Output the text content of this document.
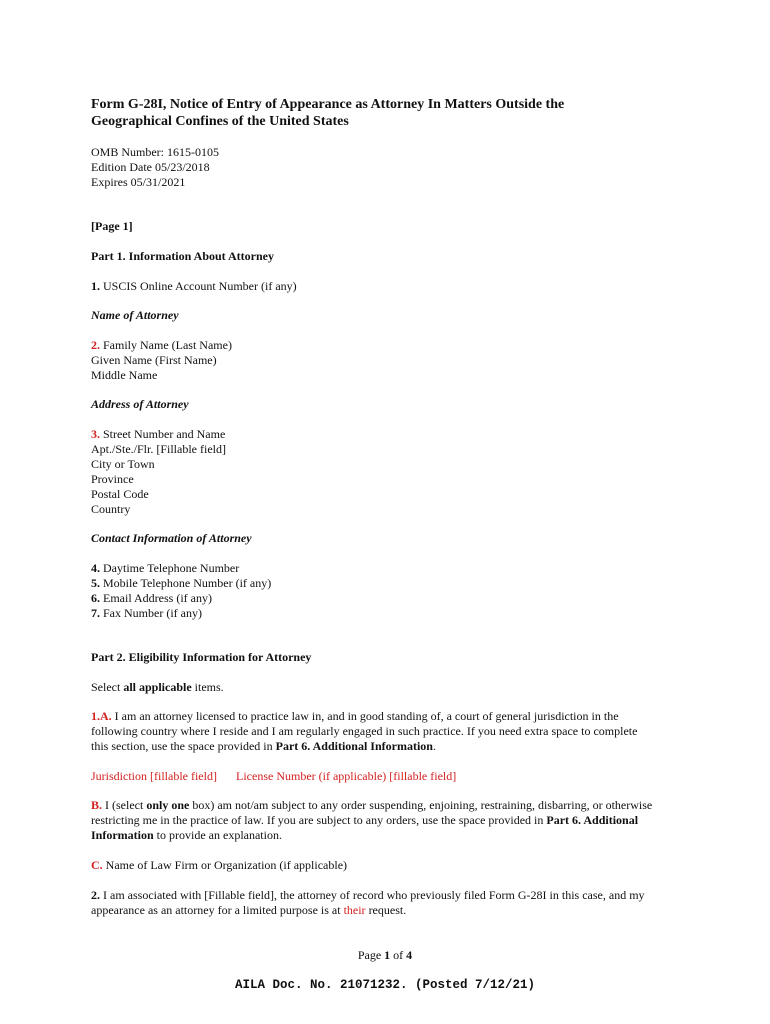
Form G-28I, Notice of Entry of Appearance as Attorney In Matters Outside the
Geographical Confines of the United States
OMB Number: 1615-0105
Edition Date 05/23/2018
Expires 05/31/2021
[Page 1]
Part 1. Information About Attorney
1. USCIS Online Account Number (if any)
Name of Attorney
2. Family Name (Last Name)
Given Name (First Name)
Middle Name
Address of Attorney
3. Street Number and Name
Apt./Ste./Flr. [Fillable field]
City or Town
Province
Postal Code
Country
Contact Information of Attorney
4. Daytime Telephone Number
5. Mobile Telephone Number (if any)
6. Email Address (if any)
7. Fax Number (if any)
Part 2. Eligibility Information for Attorney
Select all applicable items.
1.A. I am an attorney licensed to practice law in, and in good standing of, a court of general jurisdiction in the
following country where I reside and I am regularly engaged in such practice. If you need extra space to complete
this section, use the space provided in Part 6. Additional Information.
Jurisdiction [fillable field] License Number (if applicable) [fillable field]
B. I (select only one box) am not/am subject to any order suspending, enjoining, restraining, disbarring, or otherwise
restricting me in the practice of law. If you are subject to any orders, use the space provided in Part 6. Additional
Information to provide an explanation.
C. Name of Law Firm or Organization (if applicable)
2. I am associated with [Fillable field], the attorney of record who previously filed Form G-28I in this case, and my
appearance as an attorney for a limited purpose is at their request.
Page 1 of 4
AILA Doc. No. 21071232. (Posted 7/12/21)
